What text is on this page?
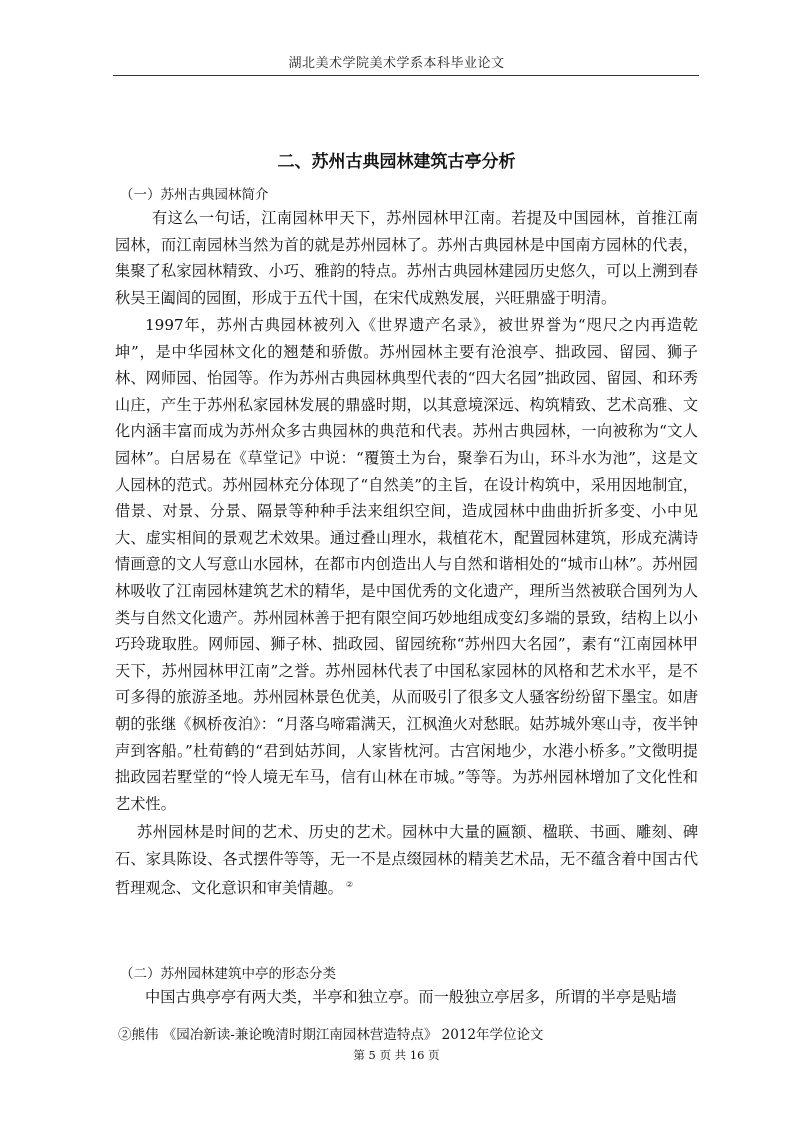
湖北美术学院美术学系本科毕业论文
二、苏州古典园林建筑古亭分析
（一）苏州古典园林简介

有这么一句话，江南园林甲天下，苏州园林甲江南。若提及中国园林，首推江南园林，而江南园林当然为首的就是苏州园林了。苏州古典园林是中国南方园林的代表，集聚了私家园林精致、小巧、雅韵的特点。苏州古典园林建园历史悠久，可以上溯到春秋吴王阖闾的园囿，形成于五代十国，在宋代成熟发展，兴旺鼎盛于明清。

1997年，苏州古典园林被列入《世界遗产名录》，被世界誉为“咫尺之内再造乾坤”，是中华园林文化的翘楚和骄傲。苏州园林主要有沧浪亭、拙政园、留园、狮子林、网师园、怡园等。作为苏州古典园林典型代表的“四大名园”拙政园、留园、和环秀山庄，产生于苏州私家园林发展的鼎盛时期，以其意境深远、构筑精致、艺术高雅、文化内涵丰富而成为苏州众多古典园林的典范和代表。苏州古典园林，一向被称为“文人园林”。白居易在《草堂记》中说：“覆篑土为台，聚拳石为山，环斗水为池”，这是文人园林的范式。苏州园林充分体现了“自然美”的主旨，在设计构筑中，采用因地制宜，借景、对景、分景、隔景等种种手法来组织空间，造成园林中曲曲折折多变、小中见大、虚实相间的景观艺术效果。通过叠山理水，栽植花木，配置园林建筑，形成充满诗情画意的文人写意山水园林，在都市内创造出人与自然和谐相处的“城市山林”。苏州园林吸收了江南园林建筑艺术的精华，是中国优秀的文化遗产，理所当然被联合国列为人类与自然文化遗产。苏州园林善于把有限空间巧妙地组成变幻多端的景致，结构上以小巧玲珑取胜。网师园、狮子林、拙政园、留园统称“苏州四大名园”，素有“江南园林甲天下，苏州园林甲江南”之誉。苏州园林代表了中国私家园林的风格和艺术水平，是不可多得的旅游圣地。苏州园林景色优美，从而吸引了很多文人骚客纷纷留下墨宝。如唐朝的张继《枫桥夜泊》：“月落乌啼霜满天，江枫渔火对愁眠。姑苏城外寒山寺，夜半钟声到客船。”杜荀鹤的“君到姑苏间，人家皆枕河。古宫闲地少，水港小桥多。”文徵明提拙政园若墅堂的“怜人境无车马，信有山林在市城。”等等。为苏州园林增加了文化性和艺术性。

苏州园林是时间的艺术、历史的艺术。园林中大量的匾额、楹联、书画、雕刻、碑石、家具陈设、各式摆件等等，无一不是点缀园林的精美艺术品，无不蕴含着中国古代哲理观念、文化意识和审美情趣。 ②

（二）苏州园林建筑中亭的形态分类

中国古典亭亭有两大类，半亭和独立亭。而一般独立亭居多，所谓的半亭是贴墙

②熊伟 《园冶新读-兼论晚清时期江南园林营造特点》 2012年学位论文
第 5 页 共 16 页
